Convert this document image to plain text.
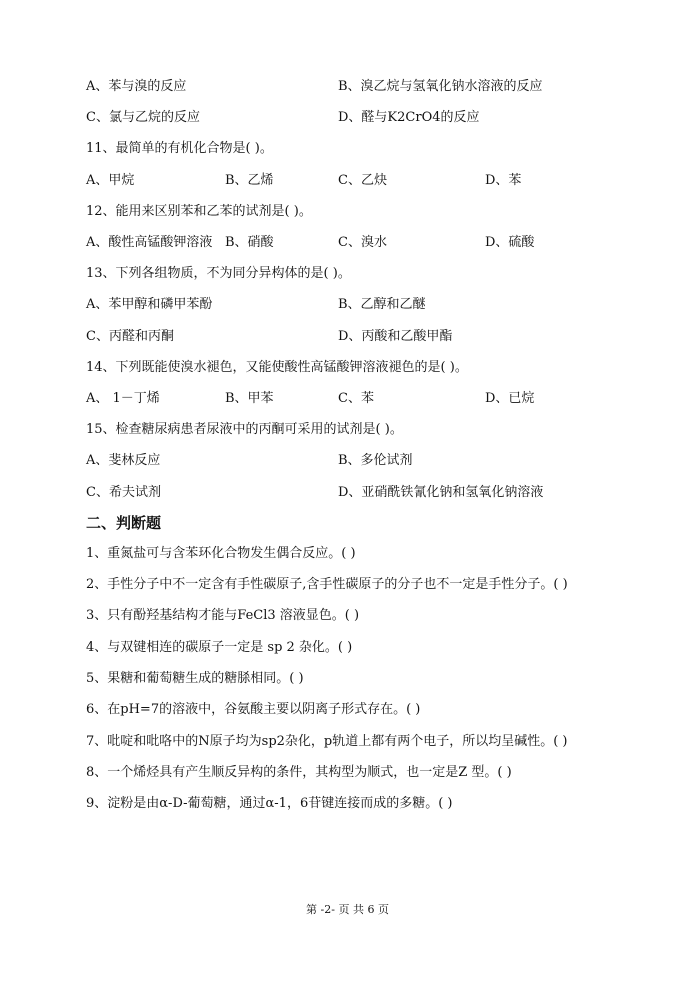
A、苯与溴的反应	B、溴乙烷与氢氧化钠水溶液的反应
C、氯与乙烷的反应	D、醛与K2CrO4的反应
11、最简单的有机化合物是( )。
A、甲烷	B、乙烯	C、乙炔	D、苯
12、能用来区别苯和乙苯的试剂是( )。
A、酸性高锰酸钾溶液 B、硝酸	C、溴水	D、硫酸
13、下列各组物质，不为同分异构体的是( )。
A、苯甲醇和磷甲苯酚	B、乙醇和乙醚
C、丙醛和丙酮	D、丙酸和乙酸甲酯
14、下列既能使溴水褪色，又能使酸性高锰酸钾溶液褪色的是( )。
A、 1－丁烯	B、甲苯	C、苯	D、已烷
15、检查糖尿病患者尿液中的丙酮可采用的试剂是( )。
A、斐林反应	B、多伦试剂
C、希夫试剂	D、亚硝酰铁氰化钠和氢氧化钠溶液
二、判断题
1、重氮盐可与含苯环化合物发生偶合反应。( )
2、手性分子中不一定含有手性碳原子,含手性碳原子的分子也不一定是手性分子。( )
3、只有酚羟基结构才能与FeCl3 溶液显色。( )
4、与双键相连的碳原子一定是 sp 2 杂化。( )
5、果糖和葡萄糖生成的糖脎相同。( )
6、在pH=7的溶液中，谷氨酸主要以阴离子形式存在。( )
7、吡啶和吡咯中的N原子均为sp2杂化，p轨道上都有两个电子，所以均呈碱性。( )
8、一个烯烃具有产生顺反异构的条件，其构型为顺式，也一定是Z 型。( )
9、淀粉是由α-D-葡萄糖，通过α-1，6苷键连接而成的多糖。( )
第 -2- 页 共 6 页
